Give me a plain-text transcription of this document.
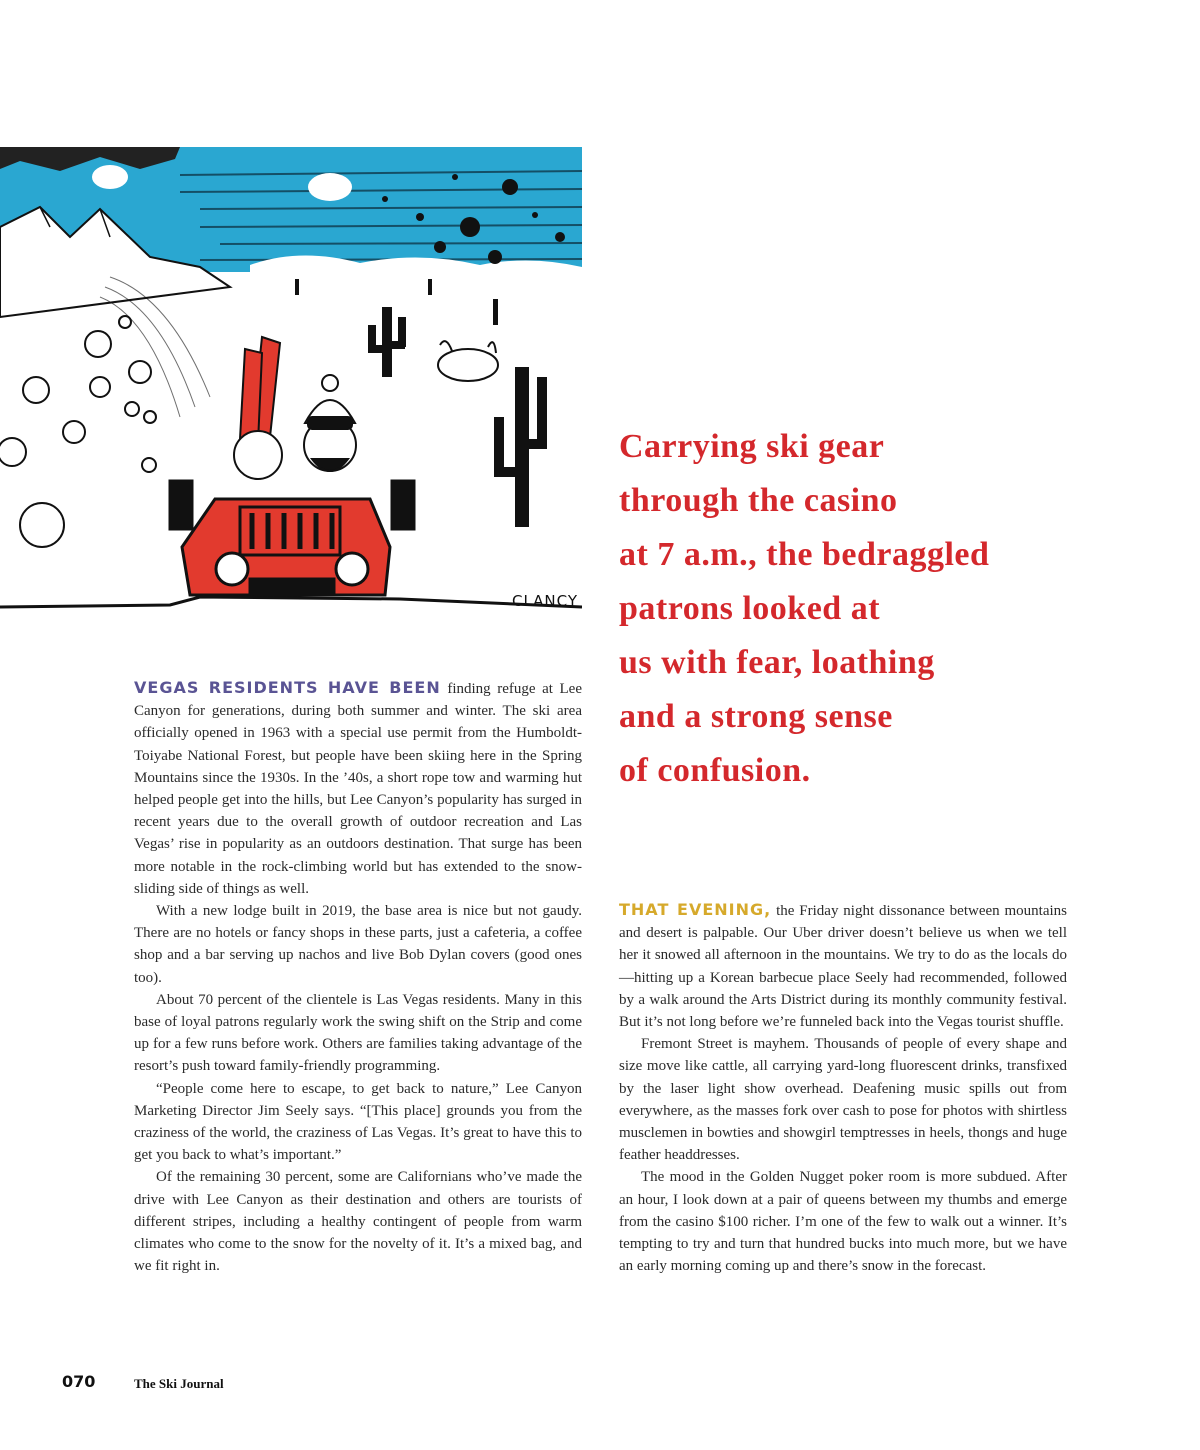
CLANCY
Carrying ski gear
through the casino
at 7 a.m., the bedraggled
patrons looked at
us with fear, loathing
and a strong sense
of confusion.

VEGAS RESIDENTS HAVE BEEN finding refuge at Lee Canyon for generations, during both summer and winter. The ski area officially opened in 1963 with a special use permit from the Humboldt-Toiyabe National Forest, but people have been skiing here in the Spring Mountains since the 1930s. In the ’40s, a short rope tow and warming hut helped people get into the hills, but Lee Canyon’s popularity has surged in recent years due to the overall growth of outdoor recreation and Las Vegas’ rise in popularity as an outdoors destination. That surge has been more notable in the rock-climbing world but has extended to the snow-sliding side of things as well.

With a new lodge built in 2019, the base area is nice but not gaudy. There are no hotels or fancy shops in these parts, just a cafeteria, a coffee shop and a bar serving up nachos and live Bob Dylan covers (good ones too).

About 70 percent of the clientele is Las Vegas residents. Many in this base of loyal patrons regularly work the swing shift on the Strip and come up for a few runs before work. Others are families taking advantage of the resort’s push toward family-friendly programming.

“People come here to escape, to get back to nature,” Lee Canyon Marketing Director Jim Seely says. “[This place] grounds you from the craziness of the world, the craziness of Las Vegas. It’s great to have this to get you back to what’s important.”

Of the remaining 30 percent, some are Californians who’ve made the drive with Lee Canyon as their destination and others are tourists of different stripes, including a healthy contingent of people from warm climates who come to the snow for the novelty of it. It’s a mixed bag, and we fit right in.

THAT EVENING, the Friday night dissonance between mountains and desert is palpable. Our Uber driver doesn’t believe us when we tell her it snowed all afternoon in the mountains. We try to do as the locals do—hitting up a Korean barbecue place Seely had recommended, followed by a walk around the Arts District during its monthly community festival. But it’s not long before we’re funneled back into the Vegas tourist shuffle.

Fremont Street is mayhem. Thousands of people of every shape and size move like cattle, all carrying yard-long fluorescent drinks, transfixed by the laser light show overhead. Deafening music spills out from everywhere, as the masses fork over cash to pose for photos with shirtless musclemen in bowties and showgirl temptresses in heels, thongs and huge feather headdresses.

The mood in the Golden Nugget poker room is more subdued. After an hour, I look down at a pair of queens between my thumbs and emerge from the casino $100 richer. I’m one of the few to walk out a winner. It’s tempting to try and turn that hundred bucks into much more, but we have an early morning coming up and there’s snow in the forecast.

070	The Ski Journal
